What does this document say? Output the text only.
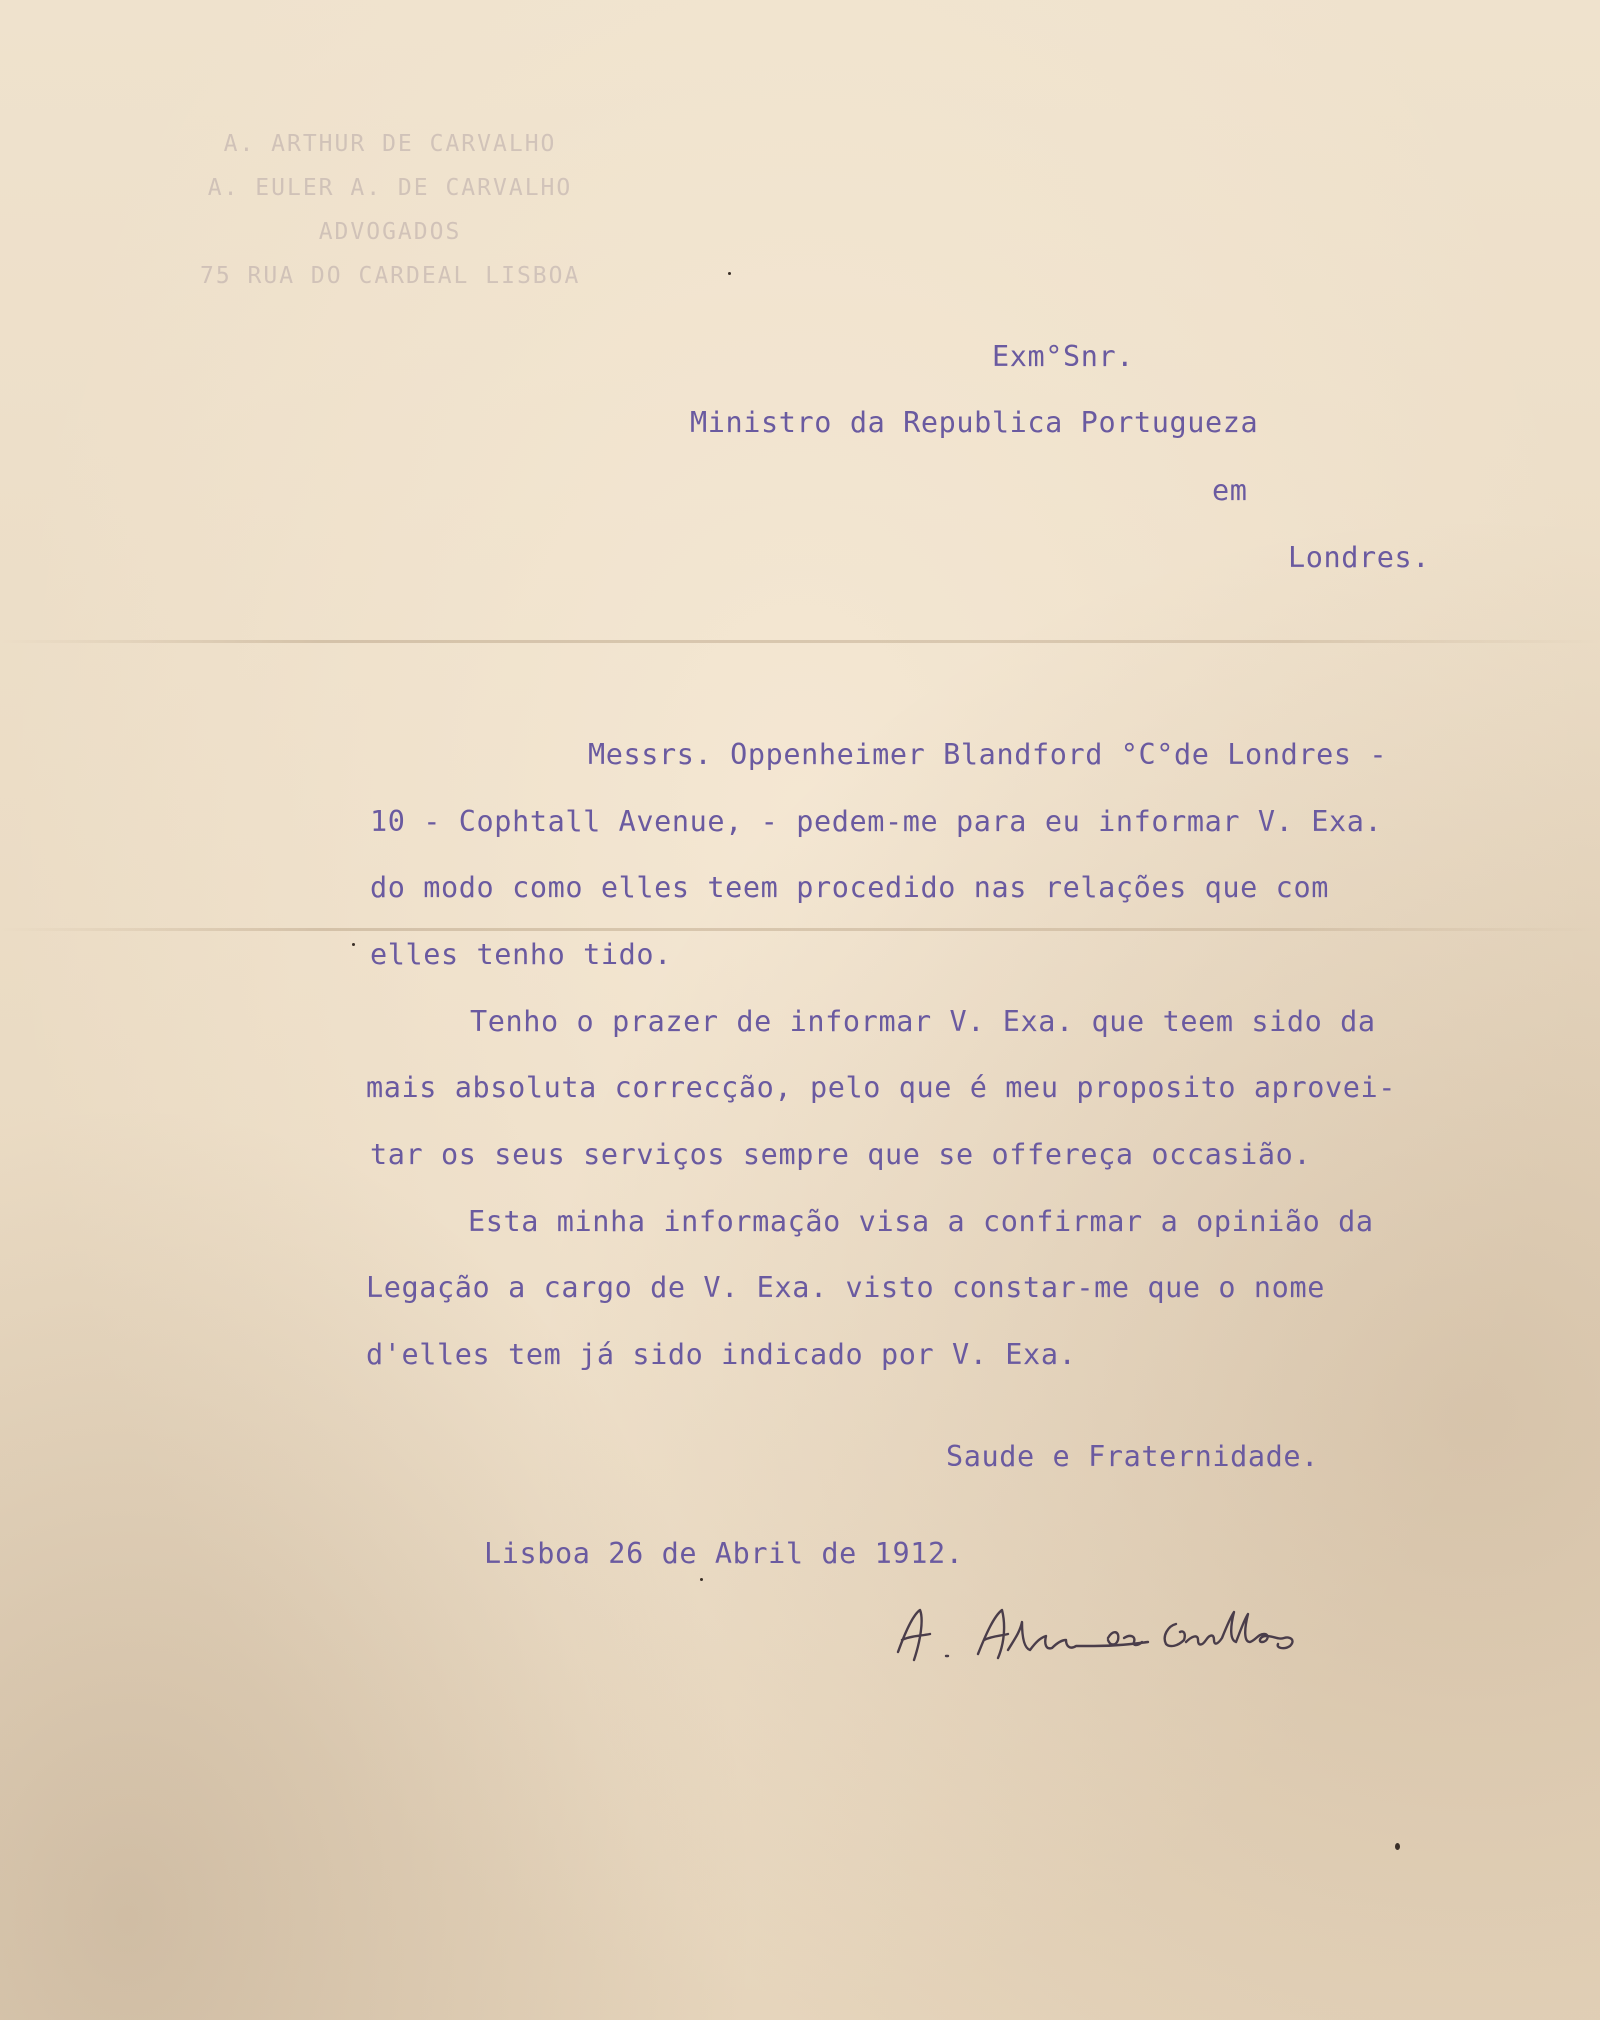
A. ARTHUR DE CARVALHO
A. EULER A. DE CARVALHO
ADVOGADOS
75 RUA DO CARDEAL LISBOA
Exm°Snr.
Ministro da Republica Portugueza
em
Londres.
Messrs. Oppenheimer Blandford °C°de Londres -
10 - Cophtall Avenue, - pedem-me para eu informar V. Exa.
do modo como elles teem procedido nas relações que com
elles tenho tido.
Tenho o prazer de informar V. Exa. que teem sido da
mais absoluta correcção, pelo que é meu proposito aprovei-
tar os seus serviços sempre que se offereça occasião.
Esta minha informação visa a confirmar a opinião da
Legação a cargo de V. Exa. visto constar-me que o nome
d'elles tem já sido indicado por V. Exa.
Saude e Fraternidade.
Lisboa 26 de Abril de 1912.
